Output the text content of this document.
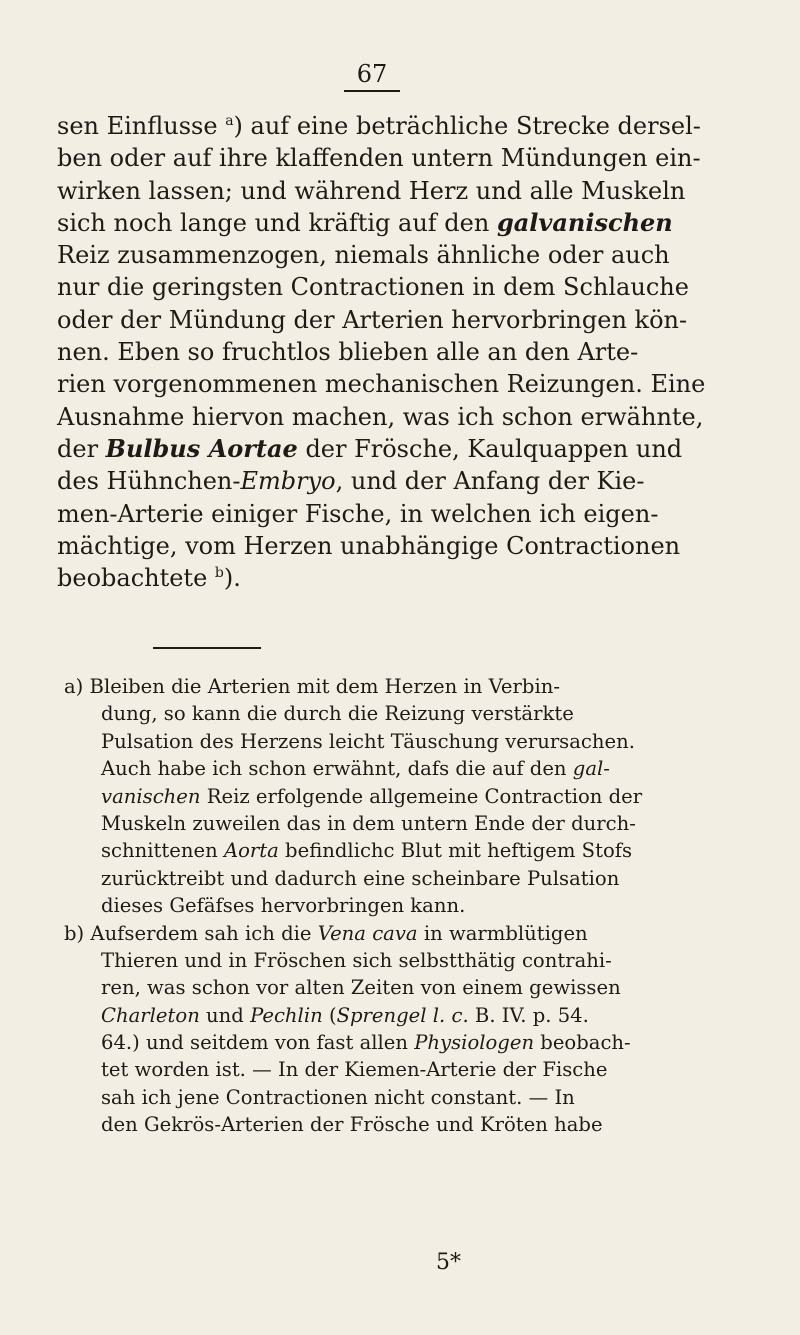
67
sen Einflusse $^a$) auf eine beträchliche Strecke dersel-
ben oder auf ihre klaffenden untern Mündungen ein-
wirken lassen; und während Herz und alle Muskeln
sich noch lange und kräftig auf den galvanischen
Reiz zusammenzogen, niemals ähnliche oder auch
nur die geringsten Contractionen in dem Schlauche
oder der Mündung der Arterien hervorbringen kön-
nen. Eben so fruchtlos blieben alle an den Arte-
rien vorgenommenen mechanischen Reizungen. Eine
Ausnahme hiervon machen, was ich schon erwähnte,
der Bulbus Aortae der Frösche, Kaulquappen und
des Hühnchen-Embryo, und der Anfang der Kie-
men-Arterie einiger Fische, in welchen ich eigen-
mächtige, vom Herzen unabhängige Contractionen
beobachtete $^b$).
a) Bleiben die Arterien mit dem Herzen in Verbin-
dung, so kann die durch die Reizung verstärkte
Pulsation des Herzens leicht Täuschung verursachen.
Auch habe ich schon erwähnt, dafs die auf den gal-
vanischen Reiz erfolgende allgemeine Contraction der
Muskeln zuweilen das in dem untern Ende der durch-
schnittenen Aorta befindlichc Blut mit heftigem Stofs
zurücktreibt und dadurch eine scheinbare Pulsation
dieses Gefäfses hervorbringen kann.
b) Aufserdem sah ich die Vena cava in warmblütigen
Thieren und in Fröschen sich selbstthätig contrahi-
ren, was schon vor alten Zeiten von einem gewissen
Charleton und Pechlin (Sprengel l. c. B. IV. p. 54.
64.) und seitdem von fast allen Physiologen beobach-
tet worden ist. — In der Kiemen-Arterie der Fische
sah ich jene Contractionen nicht constant. — In
den Gekrös-Arterien der Frösche und Kröten habe
5*
